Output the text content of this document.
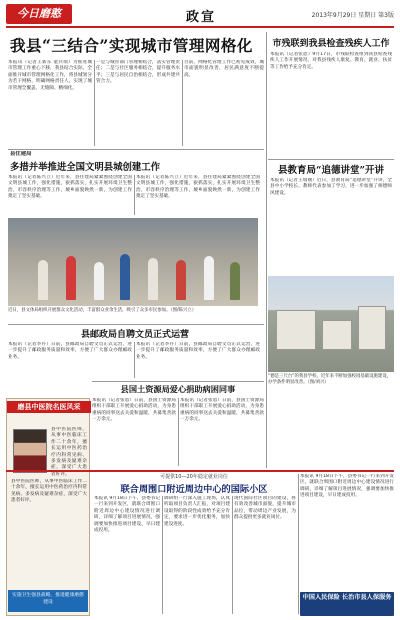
今日磨憨	政宣	2013年9月29日 星期日 第3版
我县“三结合”实现城市管理网格化
本报讯（记者王新东 童兵瑞）为推进城市管理工作重心下移，我县结合实际，全面推开城市管理网格化工作，将县城划分为若干网格，明确网格责任人，实现了城市管理全覆盖、无缝隙、精细化。
一是与城管部门管理相结合，落实管理责任；二是与社区服务相结合，提升服务水平；三是与居民自治相结合，形成共建共管合力。
目前，网格化管理工作已初见成效，城市面貌明显改善，居民满意度不断提高。
县住建局
多措并举推进全国文明县城创建工作
本报讯（记者陈兴立）近年来，县住建局紧紧围绕创建全国文明县城工作，强化措施，狠抓落实，扎实开展环境卫生整治、市容秩序治理等工作，城乡面貌焕然一新，为创建工作奠定了坚实基础。
本报讯（记者陈兴立）近年来，县住建局紧紧围绕创建全国文明县城工作，强化措施，狠抓落实，扎实开展环境卫生整治、市容秩序治理等工作，城乡面貌焕然一新，为创建工作奠定了坚实基础。
近日，县文体局组织开展群众文化活动，丰富群众业余生活，吸引了众多市民参加。（图/陈兴立）
县邮政局自聘文员正式运营
本报讯（记者李丹）日前，县邮政局自聘文员正式运营，进一步提升了邮政服务质量和效率，方便了广大群众办理邮政业务。
本报讯（记者李丹）日前，县邮政局自聘文员正式运营，进一步提升了邮政服务质量和效率，方便了广大群众办理邮政业务。
县国土资源局爱心捐助病困同事
本报讯（记者张恩）日前，县国土资源局组织干部职工开展爱心捐助活动，为身患重病的同事送去关爱和温暖，共募集善款一万余元。
本报讯（记者张恩）日前，县国土资源局组织干部职工开展爱心捐助活动，为身患重病的同事送去关爱和温暖，共募集善款一万余元。
市残联到我县检查残疾人工作
本报讯（记者张恩）9月17日，市残联检查组到我县检查残疾人工作开展情况，对我县残疾人康复、教育、就业、扶贫等工作给予充分肯定。
县教育局“追德讲堂”开讲
本报讯（记者王瑞丽）近日，县教育局“追德讲堂”开讲，全县中小学校长、教师代表参加了学习，进一步加强了师德师风建设。
“德是三尺台”的我县学校，近年来不断加强校园基础设施建设，办学条件明显改善。（图/刘兴）
磨县中医院名医风采
县中医院医师，从事中医临床工作二十余年，擅长运用中医药治疗内科常见病、多发病及疑难杂症，深受广大患者好评。
县中医院医师，从事中医临床工作二十余年，擅长运用中医药治疗内科常见病、多发病及疑难杂症，深受广大患者好评。
实施卫生强县战略，推进健康磨憨建设
可提供10—20年稳定就业岗位
联合周围口附近周边中心的国际小区
本报讯 9月18日下午，县委书记一行来到开发区，就联合周围口附近周边中心建设情况进行调研，详细了解项目进展情况，强调要加快推进项目建设，早日建成投用。
调研组一行深入施工现场，认真听取项目负责人汇报，对项目建设取得的阶段性成效给予充分肯定，要求进一步优化服务，加快建设进度。
现代国际社区项目的建设，将有效改善城市面貌，提升城市品位，带动周边产业发展，为群众提供更多就业岗位。
本报讯 9月18日下午，县委书记一行来到开发区，就联合周围口附近周边中心建设情况进行调研，详细了解项目进展情况，强调要加快推进项目建设，早日建成投用。
中国人民保险 长治市县人保服务
